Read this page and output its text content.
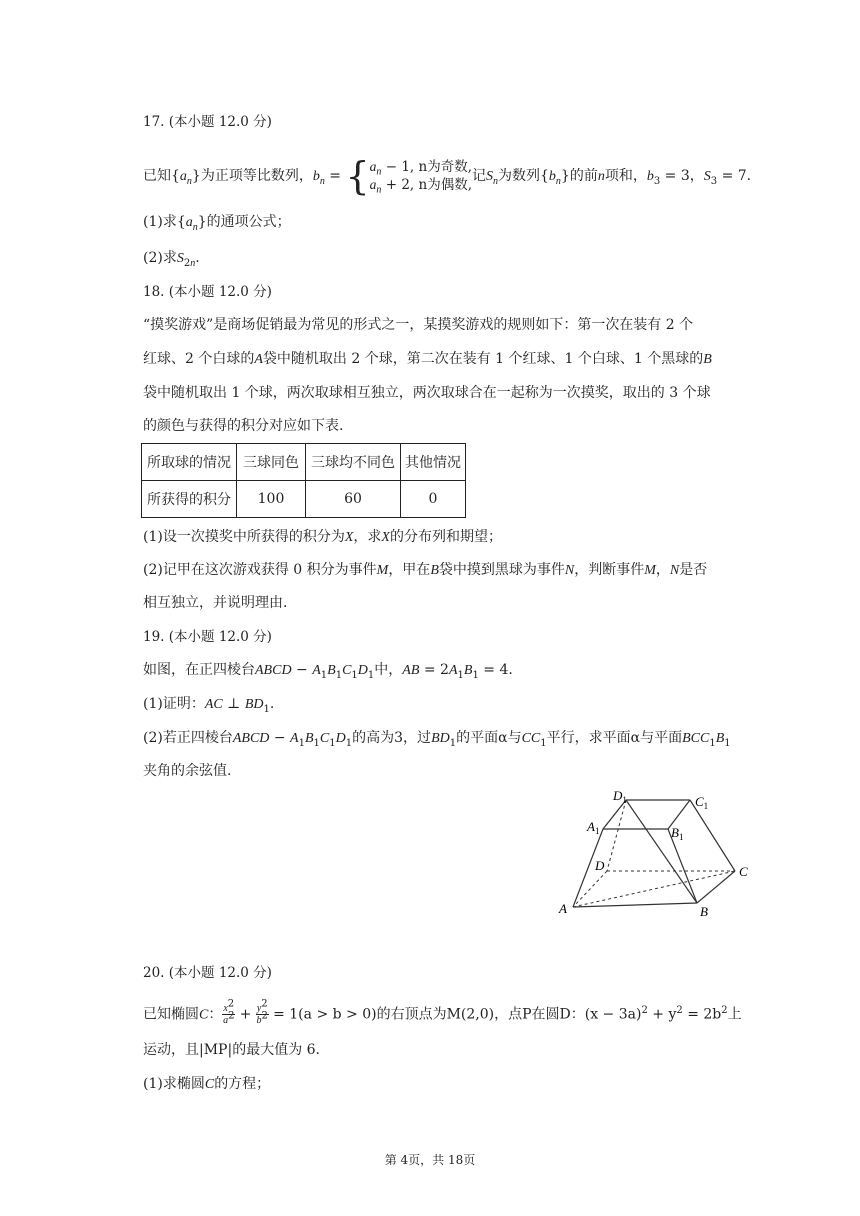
17. (本小题 12.0 分)
已知$\{a_n\}$为正项等比数列，$b_n$ = { $a_n - 1$, n为奇数,
$a_n + 2$, n为偶数,
记$S_n$为数列$\{b_n\}$的前n项和，$b_3 = 3$，$S_3 = 7$.
(1)求$\{a_n\}$的通项公式；
(2)求$S_{2n}$.
18. (本小题 12.0 分)
“摸奖游戏”是商场促销最为常见的形式之一，某摸奖游戏的规则如下：第一次在装有 2 个
红球、2 个白球的A袋中随机取出 2 个球，第二次在装有 1 个红球、1 个白球、1 个黑球的B
袋中随机取出 1 个球，两次取球相互独立，两次取球合在一起称为一次摸奖，取出的 3 个球
的颜色与获得的积分对应如下表.
所取球的情况	三球同色	三球均不同色	其他情况
所获得的积分	100	60	0
(1)设一次摸奖中所获得的积分为X，求X的分布列和期望；
(2)记甲在这次游戏获得 0 积分为事件M，甲在B袋中摸到黑球为事件N，判断事件M，N是否
相互独立，并说明理由.
19. (本小题 12.0 分)
如图，在正四棱台ABCD − $A_1B_1C_1D_1$中，AB = $2A_1B_1 = 4$.
(1)证明：AC ⊥ $BD_1$.
(2)若正四棱台ABCD − $A_1B_1C_1D_1$的高为3，过$BD_1$的平面α与$CC_1$平行，求平面α与平面$BCC_1B_1$
夹角的余弦值.
$D_1$	$C_1$
$A_1$	$B_1$
D	C
A	B
20. (本小题 12.0 分)
已知椭圆C： $\frac{x^2}{a^2} + \frac{y^2}{b^2} = 1(a > b > 0)$的右顶点为M(2,0)，点P在圆D：$(x - 3a)^2 + y^2 = 2b^2$上
运动，且|MP|的最大值为 6.
(1)求椭圆C的方程；
第 4页，共 18页
